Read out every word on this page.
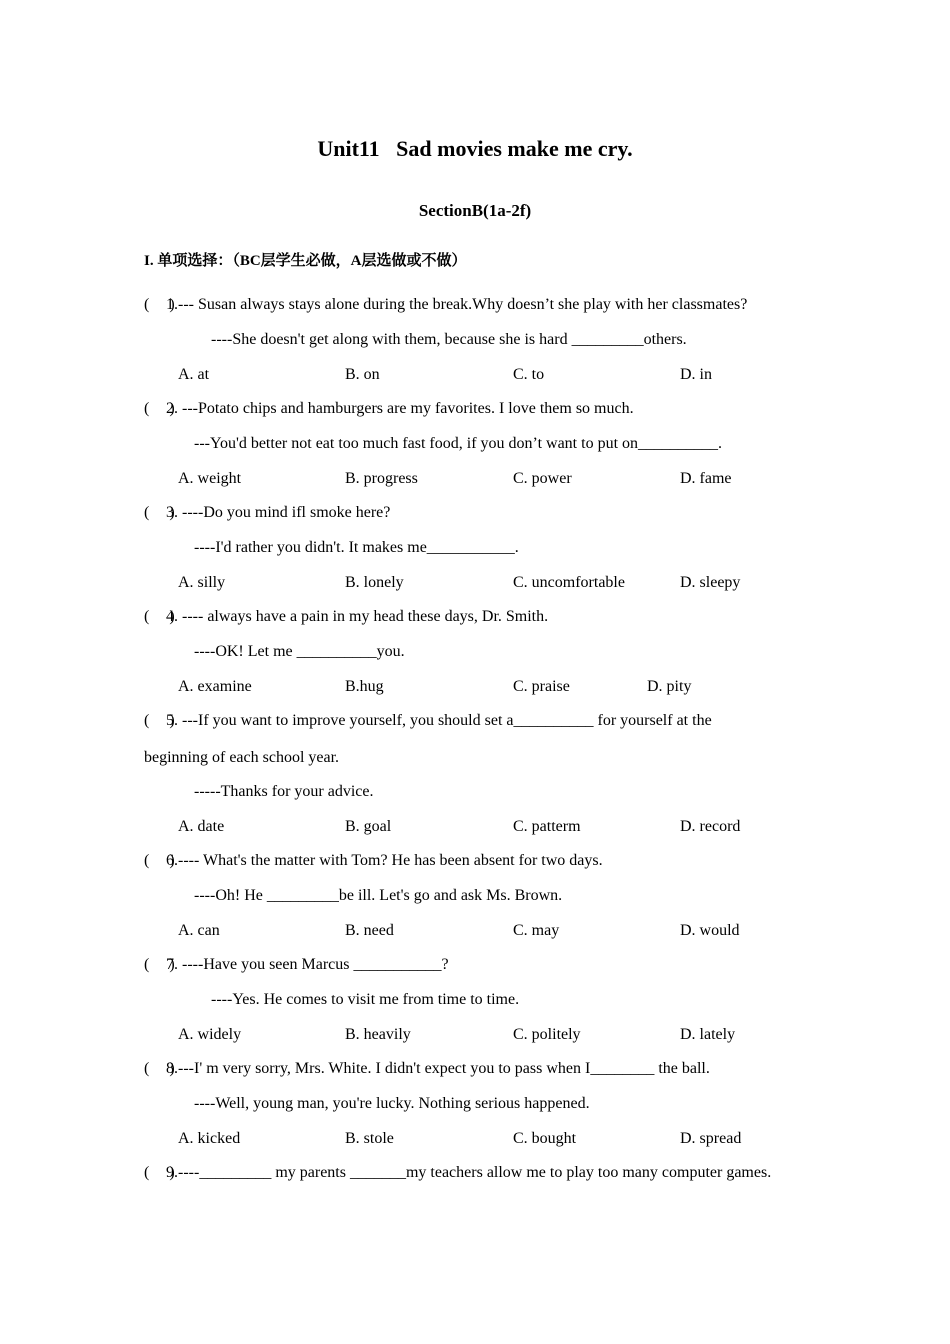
Unit11   Sad movies make me cry.
SectionB(1a-2f)
I. 单项选择：（BC层学生必做，A层选做或不做）
(     )
1.--- Susan always stays alone during the break.Why doesn’t she play with her classmates?
----She doesn't get along with them, because she is hard _________others.
A. at	B. on	C. to	D. in
(     )
2. ---Potato chips and hamburgers are my favorites. I love them so much.
---You'd better not eat too much fast food, if you don’t want to put on__________.
A. weight	B. progress	C. power	D. fame
(     )
3. ----Do you mind ifl smoke here?
----I'd rather you didn't. It makes me___________.
A. silly	B. lonely	C. uncomfortable	D. sleepy
(     )
4. ---- always have a pain in my head these days, Dr. Smith.
----OK! Let me __________you.
A. examine	B.hug	C. praise	D. pity
(     )
5. ---If you want to improve yourself, you should set a__________ for yourself at the
beginning of each school year.
-----Thanks for your advice.
A. date	B. goal	C. patterm	D. record
(     )
6.---- What's the matter with Tom? He has been absent for two days.
----Oh! He _________be ill. Let's go and ask Ms. Brown.
A. can	B. need	C. may	D. would
(     )
7. ----Have you seen Marcus ___________?
----Yes. He comes to visit me from time to time.
A. widely	B. heavily	C. politely	D. lately
(     )
8.---I' m very sorry, Mrs. White. I didn't expect you to pass when I________ the ball.
----Well, young man, you're lucky. Nothing serious happened.
A. kicked	B. stole	C. bought	D. spread
(     )
9.----_________ my parents _______my teachers allow me to play too many computer games.
